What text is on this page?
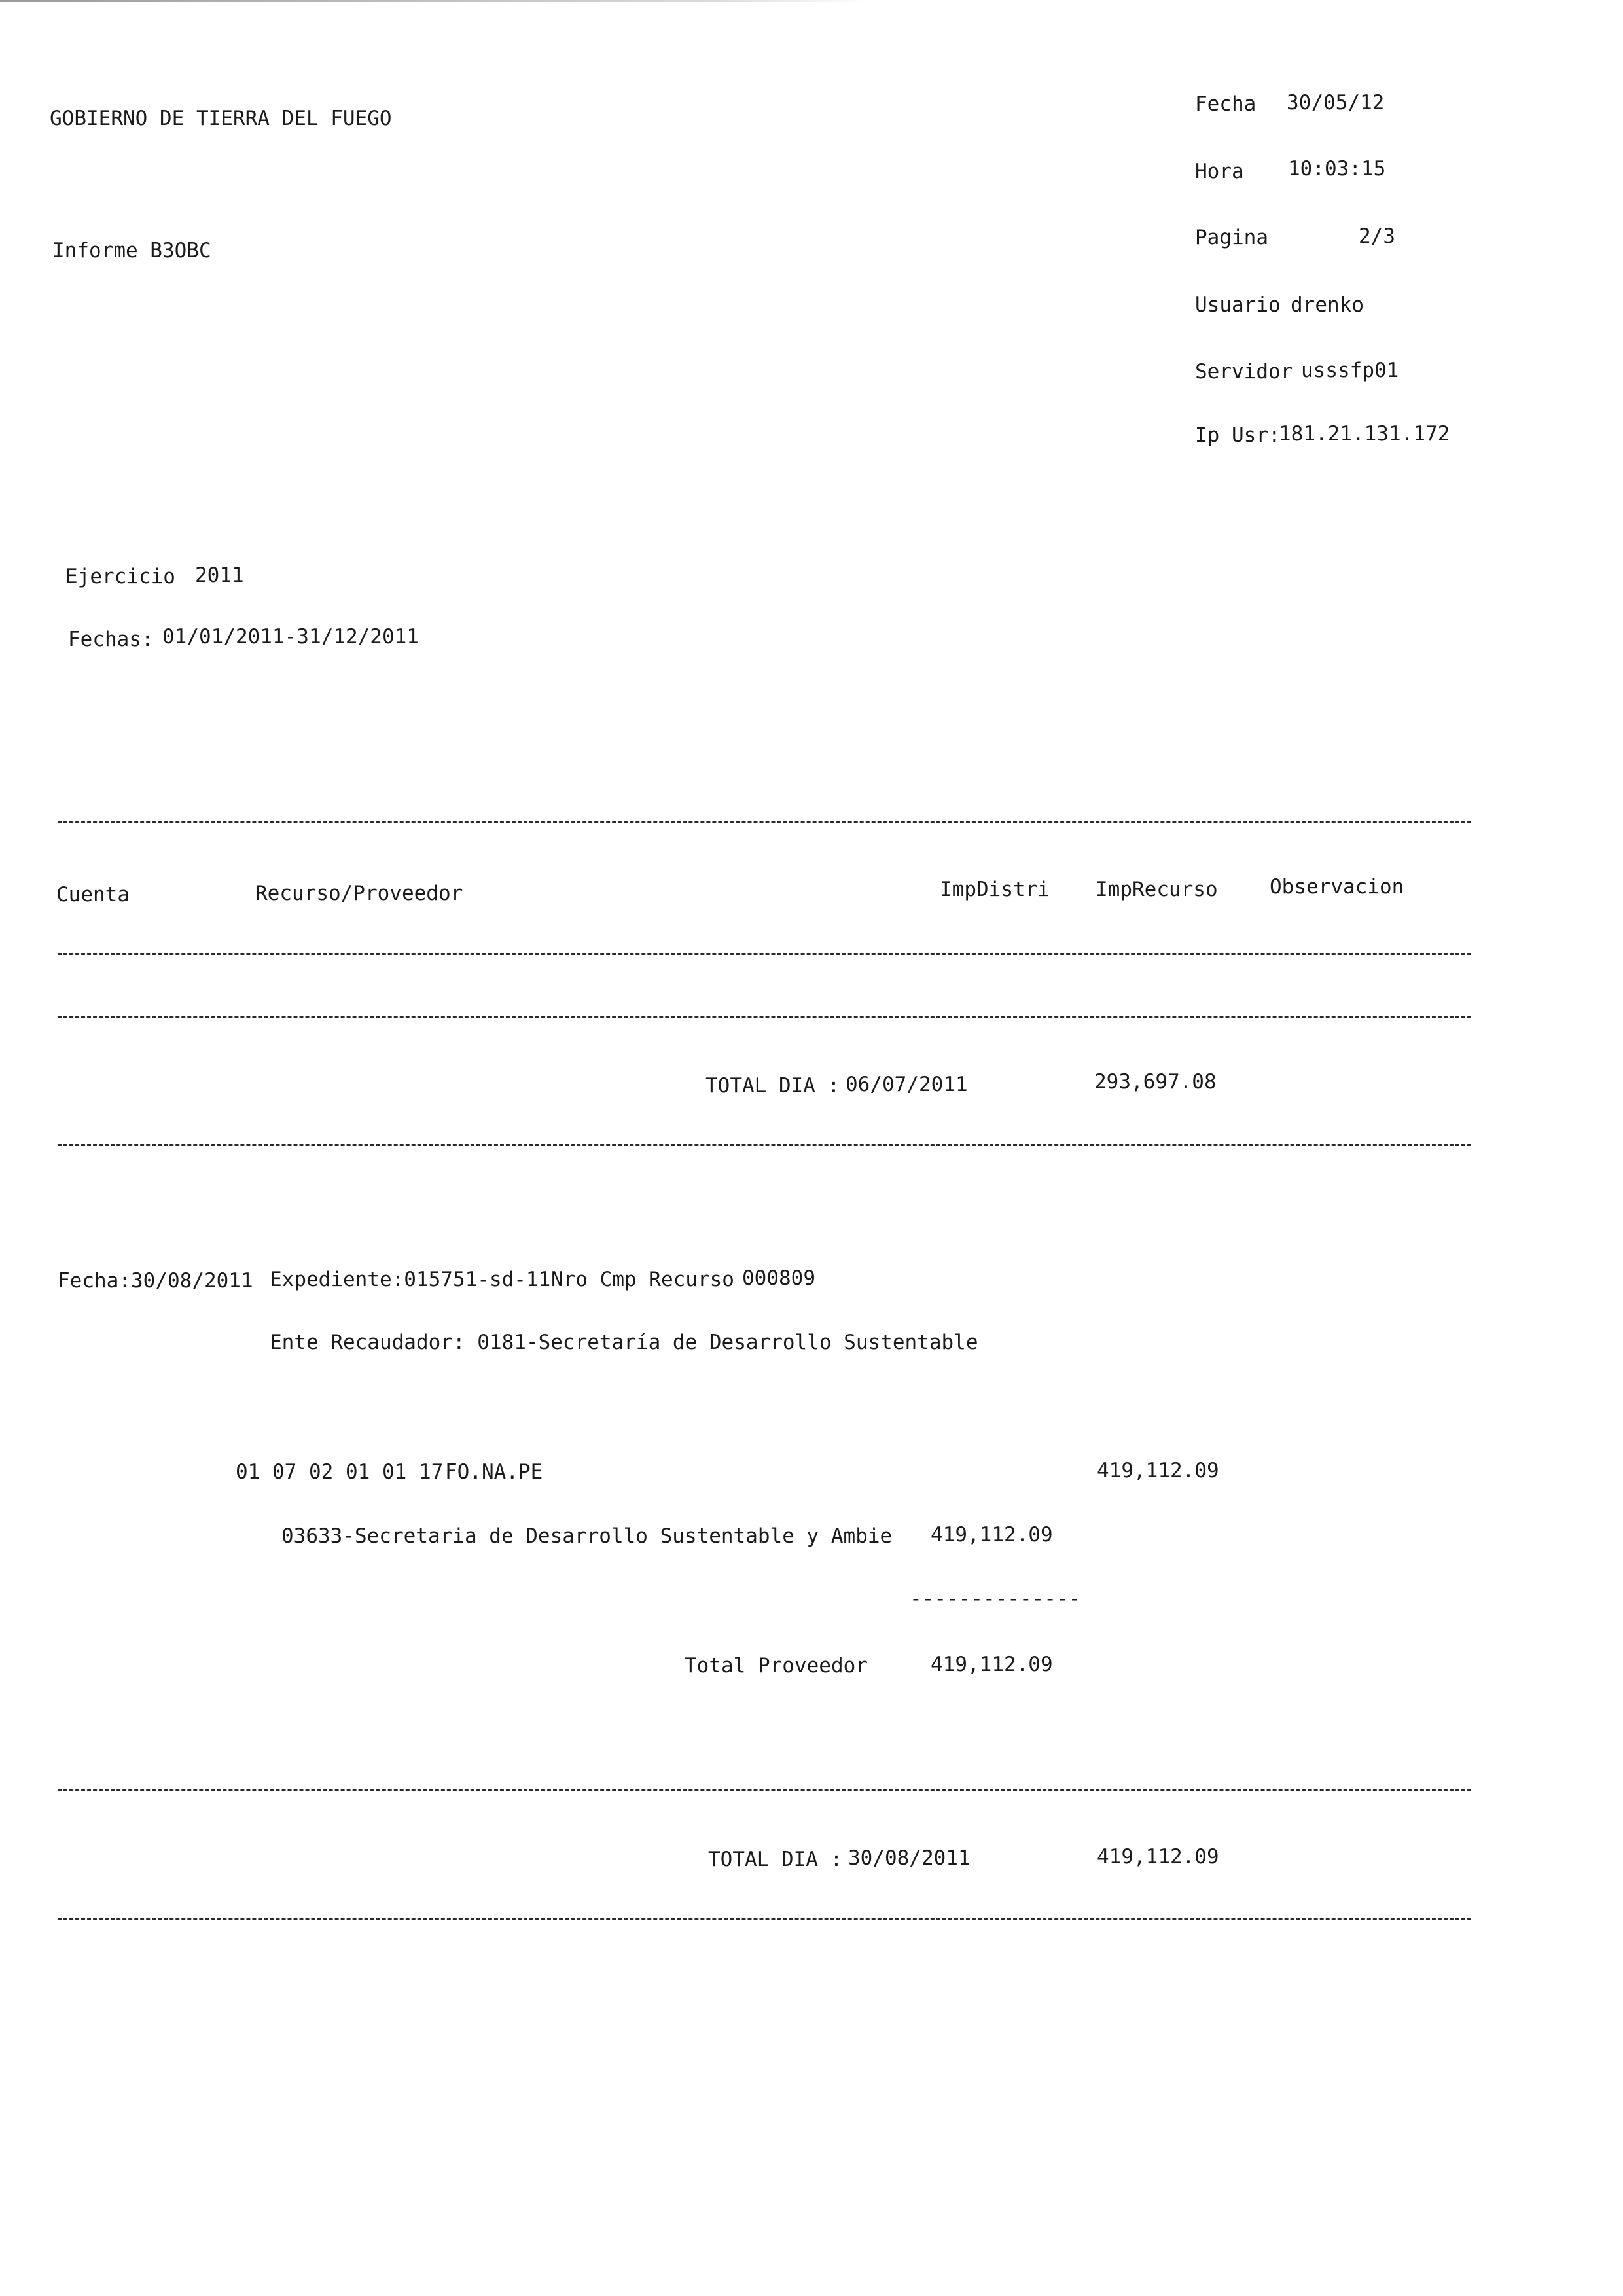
GOBIERNO DE TIERRA DEL FUEGO
Informe B3OBC
Fecha 30/05/12
Hora 10:03:15
Pagina	2/3
Usuario drenko
Servidor usssfp01
Ip Usr:
181.21.131.172
Ejercicio 2011
Fechas: 01/01/2011-31/12/2011
Cuenta	Recurso/Proveedor	ImpDistri ImpRecurso	Observacion
TOTAL DIA : 06/07/2011	293,697.08
Fecha:30/08/2011 Expediente:015751-sd-11 Nro Cmp Recurso 000809
Ente Recaudador: 0181-Secretaría de Desarrollo Sustentable
01 07 02 01 01 17 FO.NA.PE	419,112.09
03633-Secretaria de Desarrollo Sustentable y Ambie 419,112.09
--------------
Total Proveedor	419,112.09
TOTAL DIA : 30/08/2011	419,112.09
